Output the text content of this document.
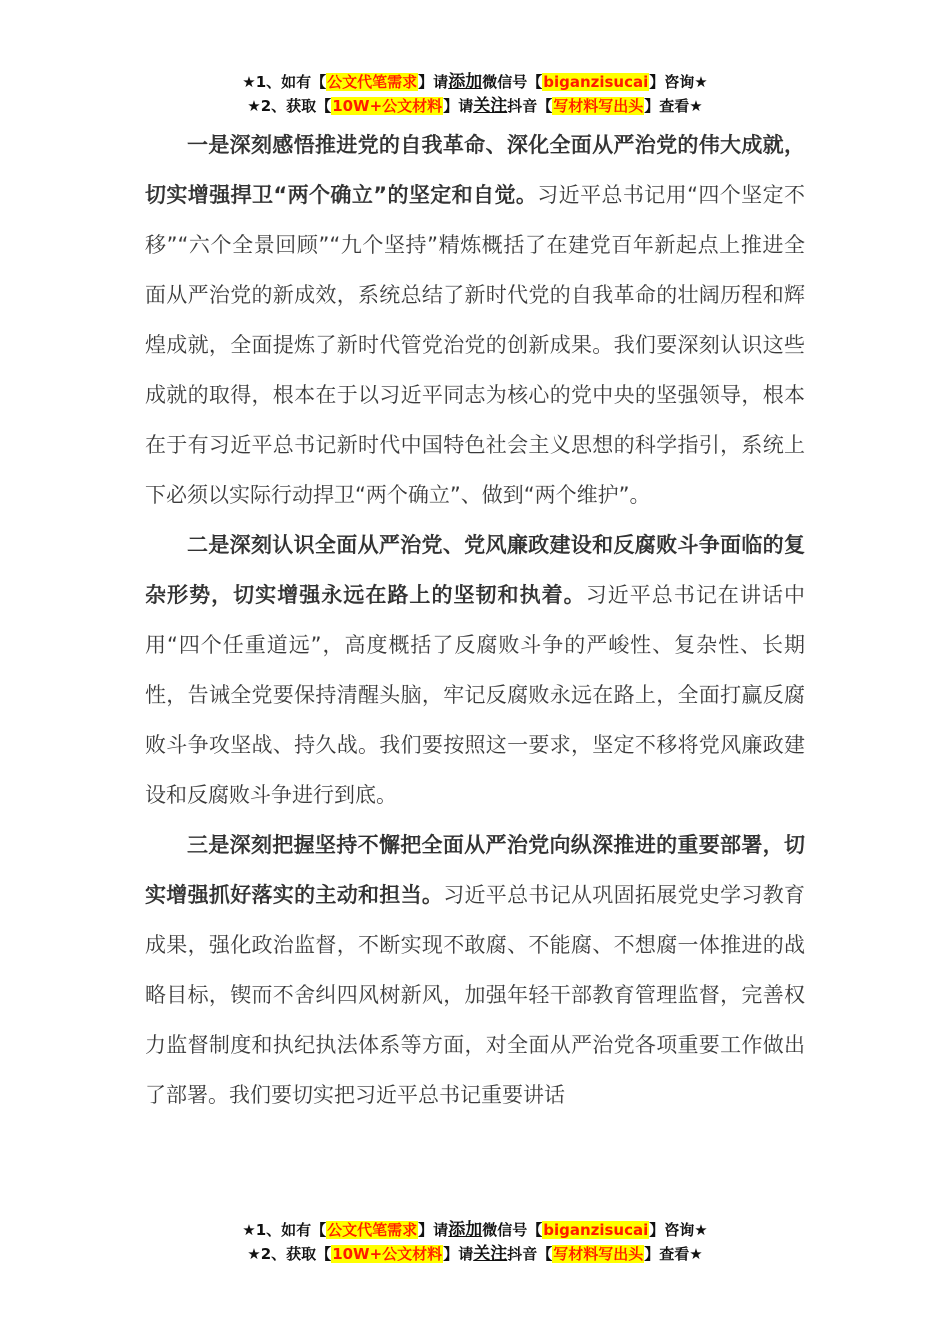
★1、如有【公文代笔需求】请添加微信号【biganzisucai】咨询★
★2、获取【10W+公文材料】请关注抖音【写材料写出头】查看★

一是深刻感悟推进党的自我革命、深化全面从严治党的伟大成就，切实增强捍卫“两个确立”的坚定和自觉。习近平总书记用“四个坚定不移”“六个全景回顾”“九个坚持”精炼概括了在建党百年新起点上推进全面从严治党的新成效，系统总结了新时代党的自我革命的壮阔历程和辉煌成就，全面提炼了新时代管党治党的创新成果。我们要深刻认识这些成就的取得，根本在于以习近平同志为核心的党中央的坚强领导，根本在于有习近平总书记新时代中国特色社会主义思想的科学指引，系统上下必须以实际行动捍卫“两个确立”、做到“两个维护”。

二是深刻认识全面从严治党、党风廉政建设和反腐败斗争面临的复杂形势，切实增强永远在路上的坚韧和执着。习近平总书记在讲话中用“四个任重道远”，高度概括了反腐败斗争的严峻性、复杂性、长期性，告诫全党要保持清醒头脑，牢记反腐败永远在路上，全面打赢反腐败斗争攻坚战、持久战。我们要按照这一要求，坚定不移将党风廉政建设和反腐败斗争进行到底。

三是深刻把握坚持不懈把全面从严治党向纵深推进的重要部署，切实增强抓好落实的主动和担当。习近平总书记从巩固拓展党史学习教育成果，强化政治监督，不断实现不敢腐、不能腐、不想腐一体推进的战略目标，锲而不舍纠四风树新风，加强年轻干部教育管理监督，完善权力监督制度和执纪执法体系等方面，对全面从严治党各项重要工作做出了部署。我们要切实把习近平总书记重要讲话

★1、如有【公文代笔需求】请添加微信号【biganzisucai】咨询★
★2、获取【10W+公文材料】请关注抖音【写材料写出头】查看★
